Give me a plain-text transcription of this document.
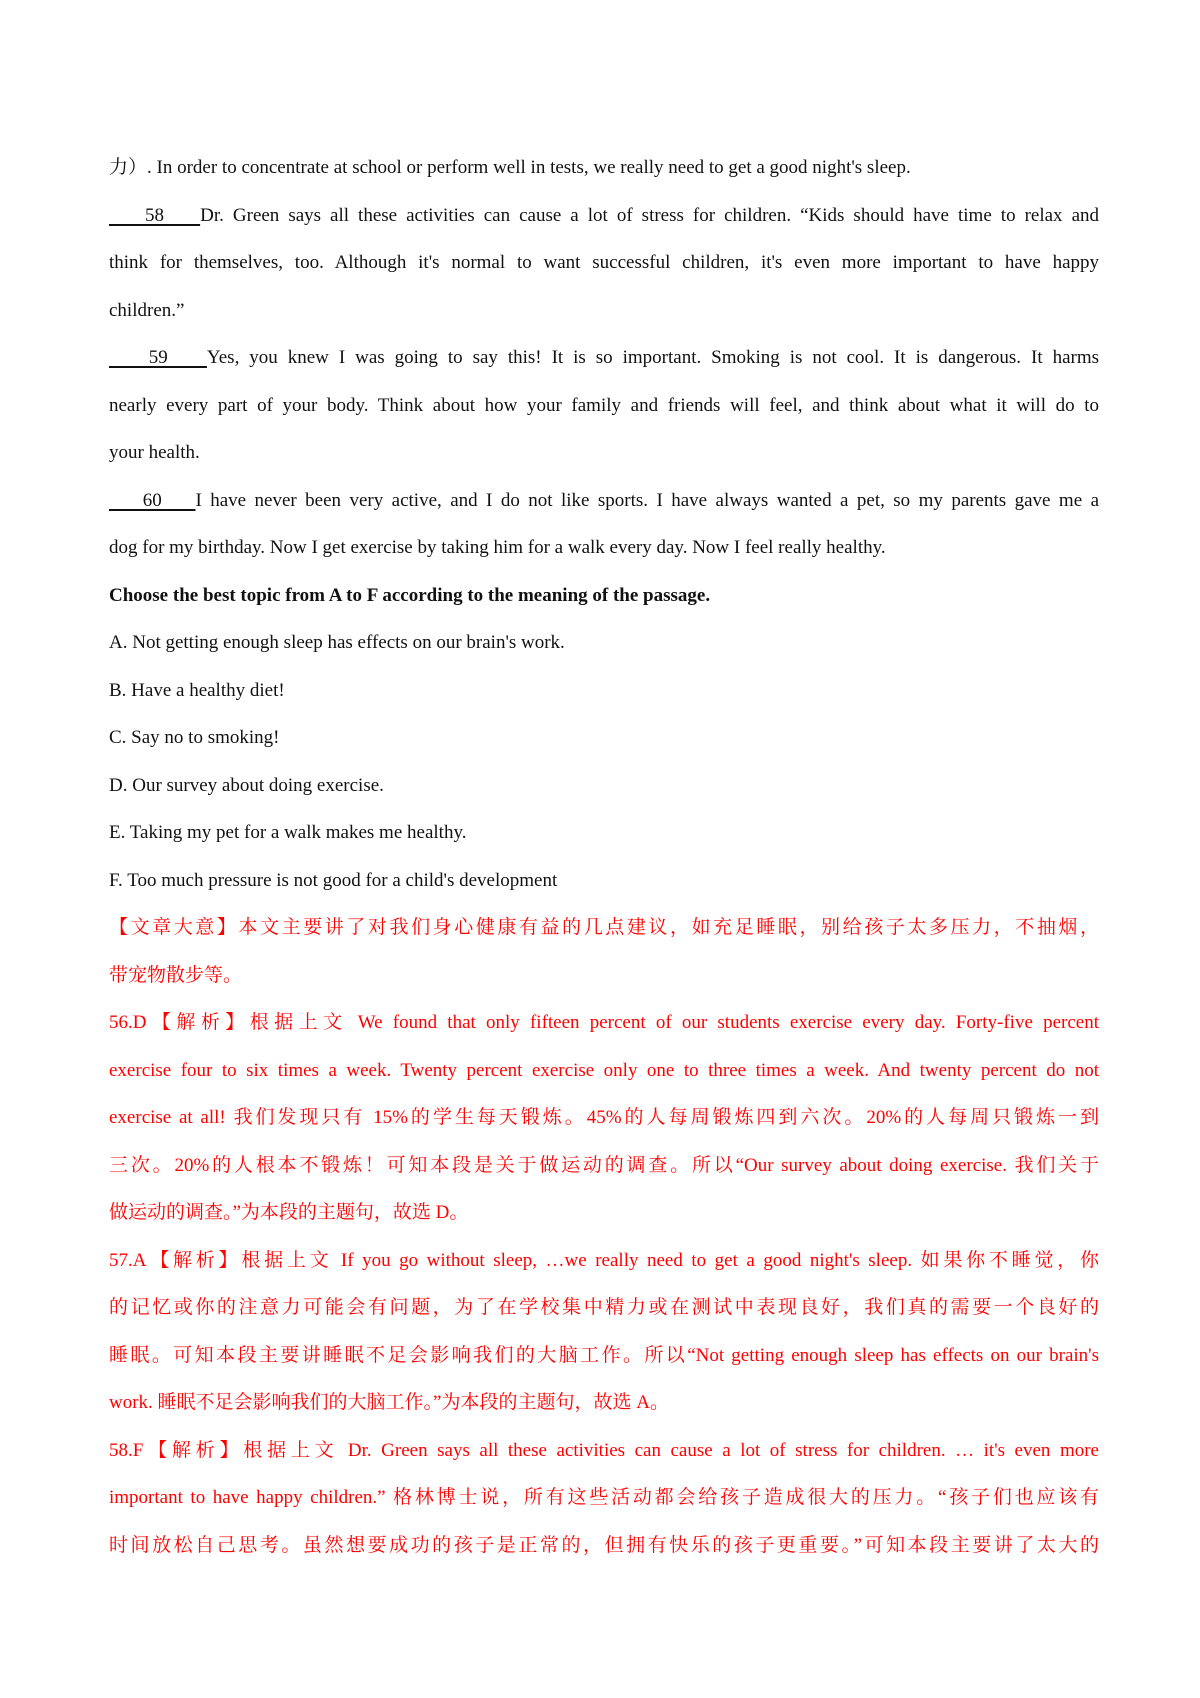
力）. In order to concentrate at school or perform well in tests, we really need to get a good night's sleep.
58    Dr. Green says all these activities can cause a lot of stress for children. “Kids should have time to relax and
think for themselves, too. Although it's normal to want successful children, it's even more important to have happy
children.”
59    Yes, you knew I was going to say this! It is so important. Smoking is not cool. It is dangerous. It harms
nearly every part of your body. Think about how your family and friends will feel, and think about what it will do to
your health.
60    I have never been very active, and I do not like sports. I have always wanted a pet, so my parents gave me a
dog for my birthday. Now I get exercise by taking him for a walk every day. Now I feel really healthy.
Choose the best topic from A to F according to the meaning of the passage.
A. Not getting enough sleep has effects on our brain's work.
B. Have a healthy diet!
C. Say no to smoking!
D. Our survey about doing exercise.
E. Taking my pet for a walk makes me healthy.
F. Too much pressure is not good for a child's development
【文章大意】本文主要讲了对我们身心健康有益的几点建议，如充足睡眠，别给孩子太多压力，不抽烟，
带宠物散步等。
56.D【解析】根据上文 We found that only fifteen percent of our students exercise every day. Forty-five percent
exercise four to six times a week. Twenty percent exercise only one to three times a week. And twenty percent do not
exercise at all! 我们发现只有 15%的学生每天锻炼。45%的人每周锻炼四到六次。20%的人每周只锻炼一到
三次。20%的人根本不锻炼！可知本段是关于做运动的调查。所以“Our survey about doing exercise. 我们关于
做运动的调查。”为本段的主题句，故选 D。
57.A【解析】根据上文 If you go without sleep, …we really need to get a good night's sleep. 如果你不睡觉，你
的记忆或你的注意力可能会有问题，为了在学校集中精力或在测试中表现良好，我们真的需要一个良好的
睡眠。可知本段主要讲睡眠不足会影响我们的大脑工作。所以“Not getting enough sleep has effects on our brain's
work. 睡眠不足会影响我们的大脑工作。”为本段的主题句，故选 A。
58.F【解析】根据上文 Dr. Green says all these activities can cause a lot of stress for children. … it's even more
important to have happy children.” 格林博士说，所有这些活动都会给孩子造成很大的压力。“孩子们也应该有
时间放松自己思考。虽然想要成功的孩子是正常的，但拥有快乐的孩子更重要。”可知本段主要讲了太大的
